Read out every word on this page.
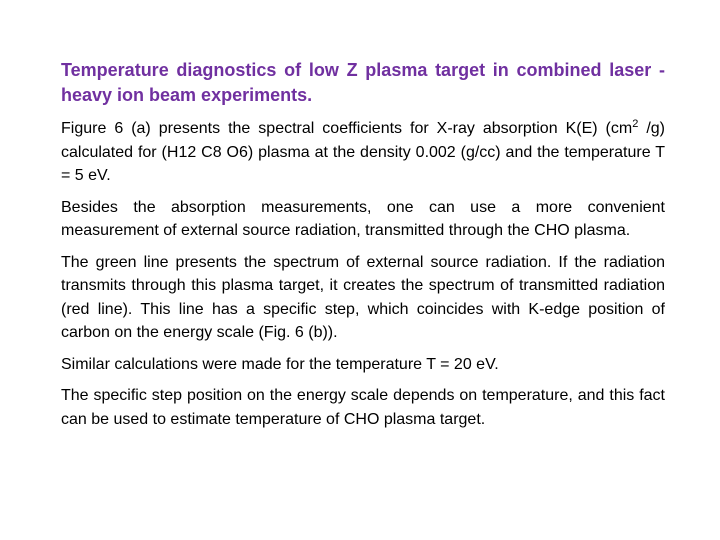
Temperature diagnostics of low Z plasma target in combined laser - heavy ion beam experiments.

Figure 6 (a) presents the spectral coefficients for X-ray absorption K(E) ($cm^2$ /g) calculated for (H12 C8 O6) plasma at the density 0.002 (g/cc) and the temperature T = 5 eV.

Besides the absorption measurements, one can use a more convenient measurement of external source radiation, transmitted through the CHO plasma.

The green line presents the spectrum of external source radiation. If the radiation transmits through this plasma target, it creates the spectrum of transmitted radiation (red line). This line has a specific step, which coincides with K-edge position of carbon on the energy scale (Fig. 6 (b)).

Similar calculations were made for the temperature T = 20 eV.

The specific step position on the energy scale depends on temperature, and this fact can be used to estimate temperature of CHO plasma target.
